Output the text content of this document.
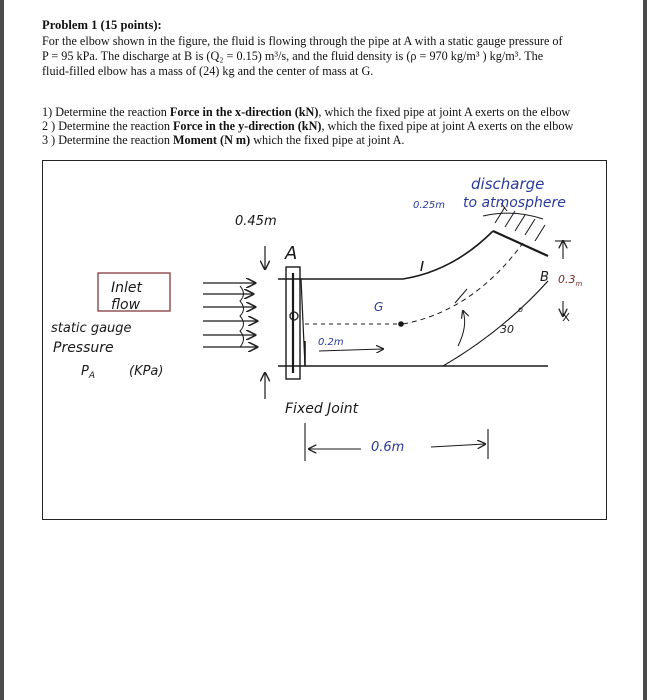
Problem 1 (15 points):
For the elbow shown in the figure, the fluid is flowing through the pipe at A with a static gauge pressure of
P = 95 kPa. The discharge at B is (Q₂ = 0.15) m³/s, and the fluid density is (ρ = 970 kg/m³ ) kg/m³. The
fluid-filled elbow has a mass of (24) kg and the center of mass at G.
1) Determine the reaction Force in the x-direction (kN), which the fixed pipe at joint A exerts on the elbow
2 ) Determine the reaction Force in the y-direction (kN), which the fixed pipe at joint A exerts on the elbow
3 ) Determine the reaction Moment (N m) which the fixed pipe at joint A.
discharge
to atmosphere
0.25m
0.45m
A
B
G
Inlet
flow
static gauge
Pressure
$P_A$	(KPa)
0.2m
Fixed Joint
0.6m
$0.3_m$
30
o
